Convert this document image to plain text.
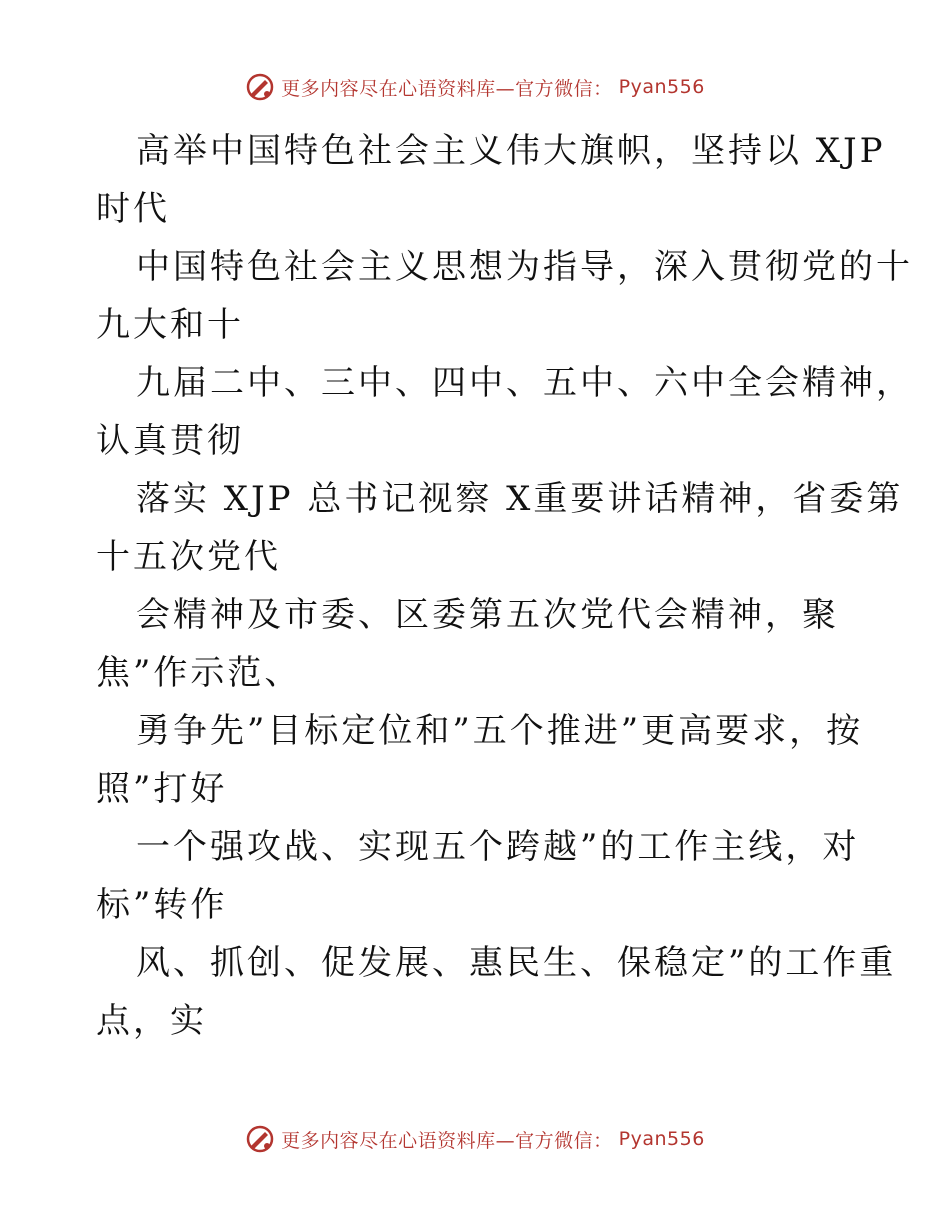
更多内容尽在心语资料库—官方微信： Pyan556
高举中国特色社会主义伟大旗帜，坚持以 XJP
时代
中国特色社会主义思想为指导，深入贯彻党的十
九大和十
九届二中、三中、四中、五中、六中全会精神，
认真贯彻
落实 XJP 总书记视察 X重要讲话精神，省委第
十五次党代
会精神及市委、区委第五次党代会精神，聚
焦”作示范、
勇争先”目标定位和”五个推进”更高要求，按
照”打好
一个强攻战、实现五个跨越”的工作主线，对
标”转作
风、抓创、促发展、惠民生、保稳定”的工作重
点，实
更多内容尽在心语资料库—官方微信： Pyan556
